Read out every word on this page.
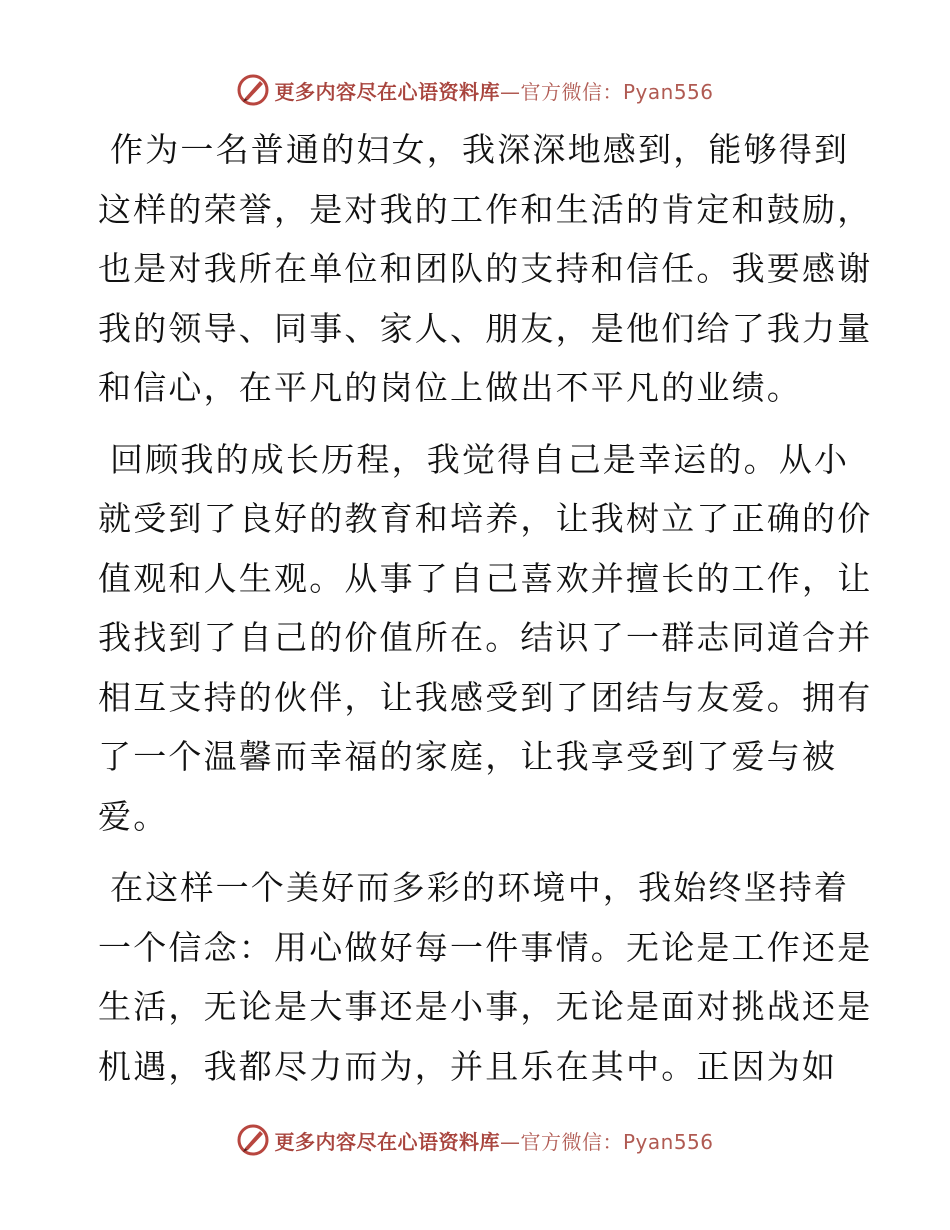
更多内容尽在心语资料库—官方微信：Pyan556

作为一名普通的妇女，我深深地感到，能够得到
这样的荣誉，是对我的工作和生活的肯定和鼓励，
也是对我所在单位和团队的支持和信任。我要感谢
我的领导、同事、家人、朋友，是他们给了我力量
和信心，在平凡的岗位上做出不平凡的业绩。

回顾我的成长历程，我觉得自己是幸运的。从小
就受到了良好的教育和培养，让我树立了正确的价
值观和人生观。从事了自己喜欢并擅长的工作，让
我找到了自己的价值所在。结识了一群志同道合并
相互支持的伙伴，让我感受到了团结与友爱。拥有
了一个温馨而幸福的家庭，让我享受到了爱与被
爱。

在这样一个美好而多彩的环境中，我始终坚持着
一个信念：用心做好每一件事情。无论是工作还是
生活，无论是大事还是小事，无论是面对挑战还是
机遇，我都尽力而为，并且乐在其中。正因为如

更多内容尽在心语资料库—官方微信：Pyan556
